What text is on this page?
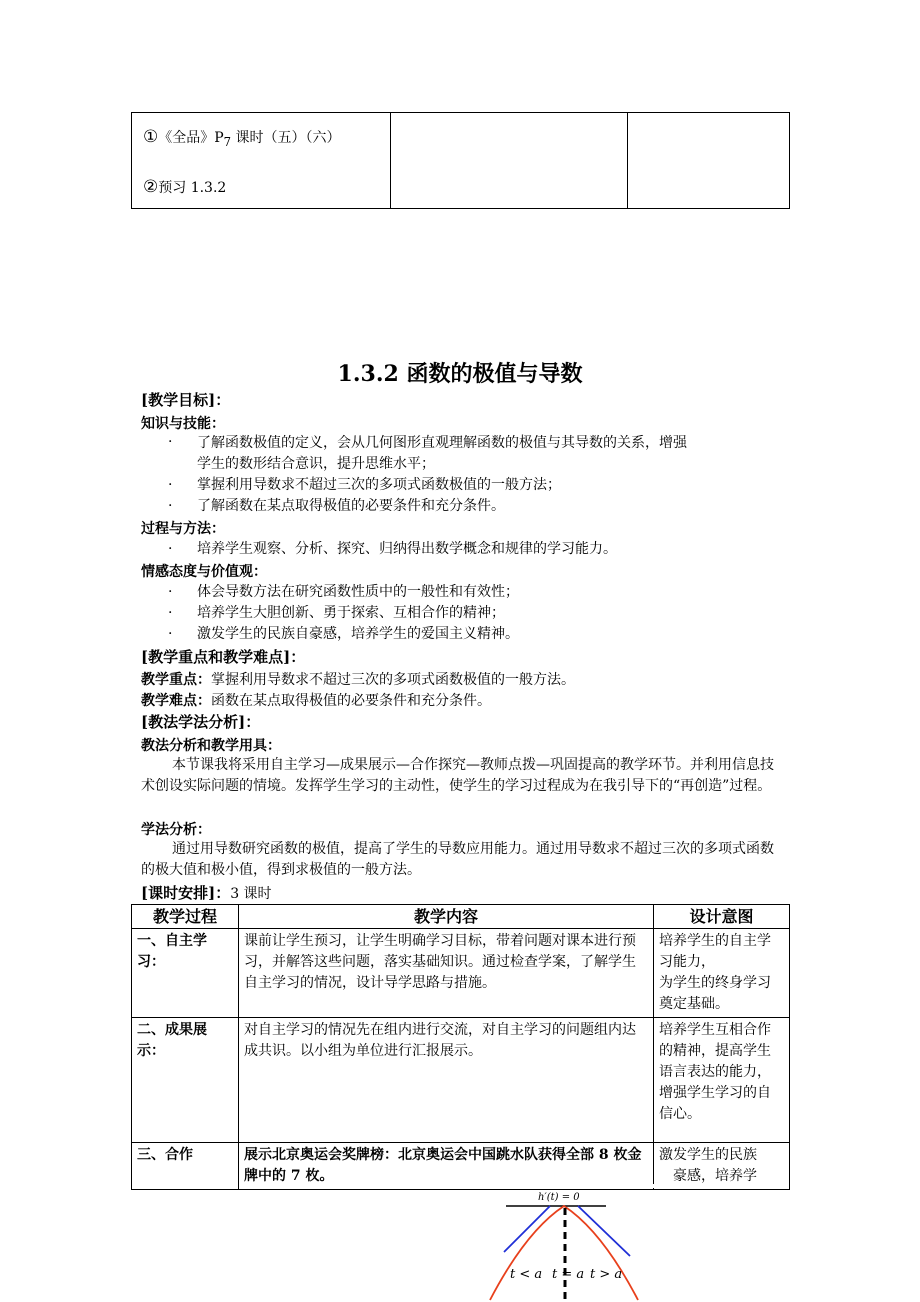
①《全品》$P_7$ 课时（五）（六）
②预习 1.3.2

1.3.2 函数的极值与导数
[教学目标]：
知识与技能：
· 了解函数极值的定义，会从几何图形直观理解函数的极值与其导数的关系，增强
学生的数形结合意识，提升思维水平；
· 掌握利用导数求不超过三次的多项式函数极值的一般方法；
· 了解函数在某点取得极值的必要条件和充分条件。
过程与方法：
· 培养学生观察、分析、探究、归纳得出数学概念和规律的学习能力。
情感态度与价值观：
· 体会导数方法在研究函数性质中的一般性和有效性；
· 培养学生大胆创新、勇于探索、互相合作的精神；
· 激发学生的民族自豪感，培养学生的爱国主义精神。
[教学重点和教学难点]：
教学重点：掌握利用导数求不超过三次的多项式函数极值的一般方法。
教学难点：函数在某点取得极值的必要条件和充分条件。
[教法学法分析]：
教法分析和教学用具：
本节课我将采用自主学习—成果展示—合作探究—教师点拨—巩固提高的教学环节。并利用信息技术创设实际问题的情境。发挥学生学习的主动性，使学生的学习过程成为在我引导下的“再创造”过程。
学法分析：
通过用导数研究函数的极值，提高了学生的导数应用能力。通过用导数求不超过三次的多项式函数的极大值和极小值，得到求极值的一般方法。
[课时安排]：3 课时
教学过程	教学内容	设计意图
一、自主学习：	课前让学生预习，让学生明确学习目标，带着问题对课本进行预习，并解答这些问题，落实基础知识。通过检查学案，了解学生自主学习的情况，设计导学思路与措施。	培养学生的自主学习能力，
为学生的终身学习奠定基础。

二、成果展示：	对自主学习的情况先在组内进行交流，对自主学习的问题组内达成共识。以小组为单位进行汇报展示。	培养学生互相合作的精神，提高学生语言表达的能力，
增强学生学习的自信心。

三、合作	展示北京奥运会奖牌榜：北京奥运会中国跳水队获得全部 8 枚金牌中的 7 枚。	激发学生的民族
豪感，培养学
h′(t) = 0
t < a t = a t > a
